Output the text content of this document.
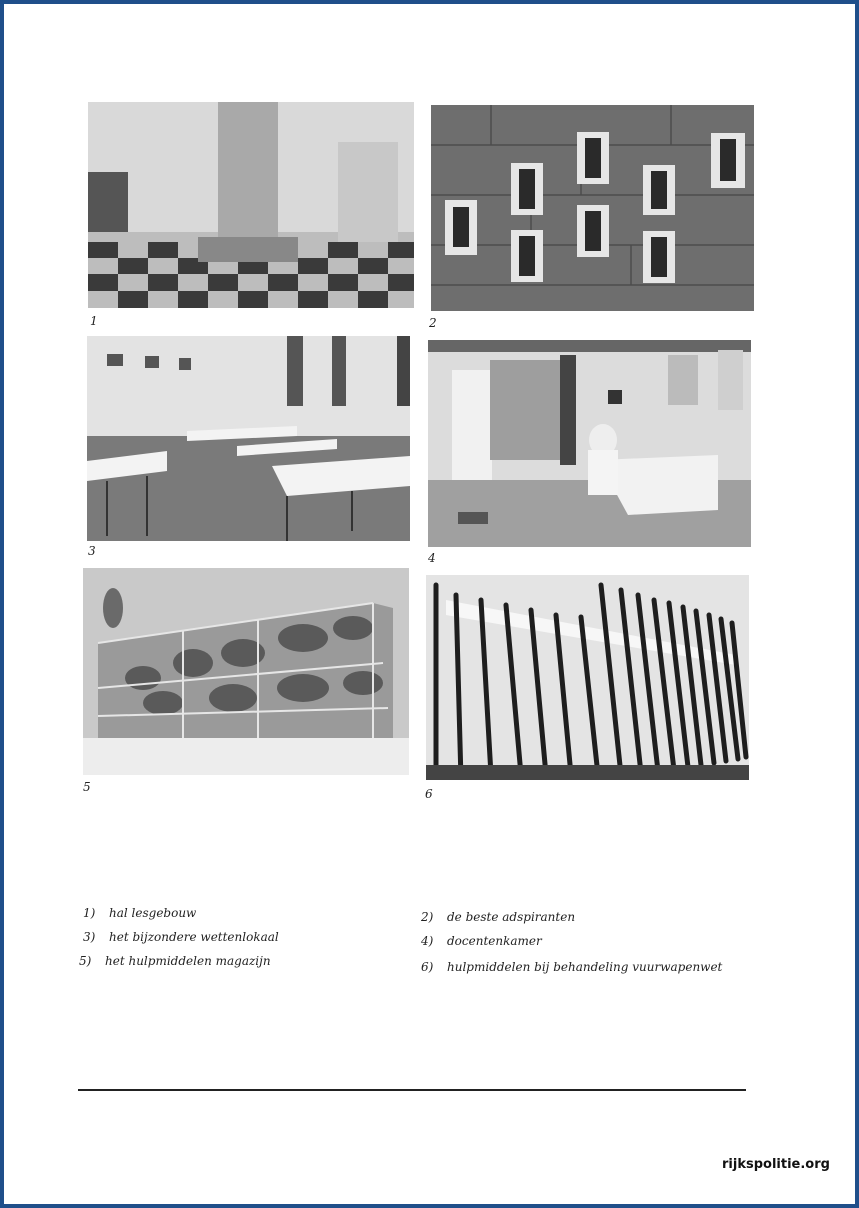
1	2
3	4
5	6
1) hal lesgebouw	2) de beste adspiranten
3) het bijzondere wettenlokaal	4) docentenkamer
5) het hulpmiddelen magazijn	6) hulpmiddelen bij behandeling vuurwapenwet
rijkspolitie.org
